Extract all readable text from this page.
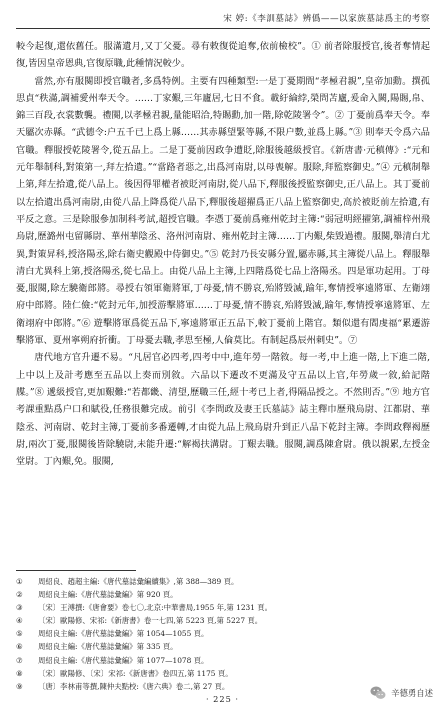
宋 婷:《李訓墓誌》辨僞——以家族墓誌爲主的考察

較今起復,還依舊任。服滿遺月,又丁父憂。尋有敕復從追奪,依前檢校”。① 前者除服授官,後者奪情起復,皆因皇帝恩典,官復原職,此種情況較少。

當然,亦有服闋即授官職者,多爲特例。主要有四種類型:一是丁憂期間“孝極君親”,皇帝加勳。撰孤思貞“秩滿,調補愛州奉天令。……丁家艱,三年廬居,七日不食。載紆綸綍,榮問苫廬,爰命入闕,陽賜,帛、錦三百段,衣裳數襲。禮闋,以孝極君親,量能昭洽,特賜勳,加一階,除乾陵署令”。② 丁憂前爲奉天令。奉天屬次赤縣。“武德令:户五千已上爲上縣……其赤縣望緊等縣,不限户數,並爲上縣。”③ 則奉天令爲六品官職。釋服授乾陵署令,從五品上。二是丁憂前因政争遭貶,除服後越級授官。《新唐書·元稹傳》:“元和元年舉制科,對策第一,拜左拾遺。”“當路者惡之,出爲河南尉,以母喪解。服除,拜監察御史。”④ 元稹制舉上第,拜左拾遺,從八品上。後因得罪權者被貶河南尉,從八品下,釋服後授監察御史,正八品上。其丁憂前以左拾遺出爲河南尉,由從八品上降爲從八品下,釋服後超擢爲正八品上監察御史,高於被貶前左拾遺,有平反之意。三是除服參加制科考試,超授官職。李憑丁憂前爲雍州乾封主簿:“弱冠明經擢第,調補梓州飛烏尉,歷潞州屯留縣尉、華州華陰丞、洛州河南尉、雍州乾封主簿……丁内艱,柴毀過禮。服闋,舉清白尤異,對策昇科,授洛陽丞,除右衛史觀殿中侍御史。”⑤ 乾封乃長安縣分置,屬赤縣,其主簿從八品上。釋服舉清白尤異科上第,授洛陽丞,從七品上。由從八品上主簿,上四階爲從七品上洛陽丞。四是軍功起用。丁母憂,服闋,除左驍衛郎將。尋授右領軍衛將軍,丁母憂,情不勝哀,殆將毀滅,踰年,奪情授寧遠將軍、左衛翊府中郎將。陸仁儉:“乾封元年,加授游擊將軍……丁母憂,情不勝哀,殆將毀滅,踰年,奪情授寧遠將軍、左衛翊府中郎將。”⑥ 遊擊將軍爲從五品下,寧遠將軍正五品下,較丁憂前上階官。類似還有閻虔福“累遷游擊將軍、夏州寧朔府折衝。丁母憂去職,孝思至極,人倫莫比。有制起爲辰州刺史”。⑦

唐代地方官升遷不易。“凡居官必四考,四考中中,進年勞一階敘。每一考,中上進一階,上下進二階,上中以上及計考應至五品以上奏而別敘。六品以下遷改不更滿及守五品以上官,年勞歲一敘,給記階牒。”⑧ 遞級授官,更加艱難:“若都畿、清望,歷職三任,經十考已上者,得隔品授之。不然則否。”⑨ 地方官考課重點爲户口和賦役,任務很難完成。前引《李問政及妻王氏墓誌》誌主釋巾歷飛烏尉、江都尉、華陰丞、河南尉、乾封主簿,丁憂前多番遷轉,才由從九品上飛烏尉升到正八品下乾封主簿。李問政釋褐歷尉,兩次丁憂,服闋後皆除驍尉,未能升遷:“解褐扶溝尉。丁艱去職。服闋,調爲陳倉尉。俄以親累,左授金堂尉。丁內艱,免。服闋,

①	周紹良、趙超主編:《唐代墓誌彙編續集》,第 388—389 頁。
②	周紹良主編:《唐代墓誌彙編》第 920 頁。
③	〔宋〕王溥撰:《唐會要》卷七〇,北京:中華書局,1955 年,第 1231 頁。
④	〔宋〕歐陽修、宋祁:《新唐書》卷一七四,第 5223 頁,第 5227 頁。
⑤	周紹良主編:《唐代墓誌彙編》第 1054—1055 頁。
⑥	周紹良主編:《唐代墓誌彙編》第 335 頁。
⑦	周紹良主編:《唐代墓誌彙編》第 1077—1078 頁。
⑧	〔宋〕歐陽修、〔宋〕宋祁:《新唐書》卷四五,第 1175 頁。
⑨	〔唐〕李林甫等撰,陳仲夫點校:《唐六典》卷二,第 27 頁。
· 225 ·
辛德勇自述
